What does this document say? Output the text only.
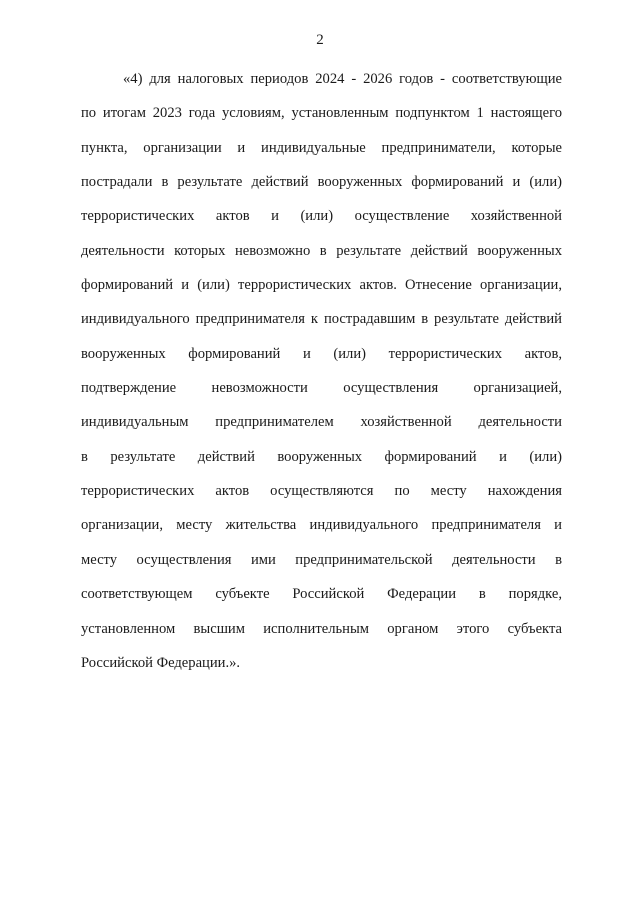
2
«4) для налоговых периодов 2024 - 2026 годов - соответствующие
по итогам 2023 года условиям, установленным подпунктом 1 настоящего
пункта, организации и индивидуальные предприниматели, которые
пострадали в результате действий вооруженных формирований и (или)
террористических актов и (или) осуществление хозяйственной
деятельности которых невозможно в результате действий вооруженных
формирований и (или) террористических актов. Отнесение организации,
индивидуального предпринимателя к пострадавшим в результате действий
вооруженных формирований и (или) террористических актов,
подтверждение невозможности осуществления организацией,
индивидуальным предпринимателем хозяйственной деятельности
в результате действий вооруженных формирований и (или)
террористических актов осуществляются по месту нахождения
организации, месту жительства индивидуального предпринимателя и
месту осуществления ими предпринимательской деятельности в
соответствующем субъекте Российской Федерации в порядке,
установленном высшим исполнительным органом этого субъекта
Российской Федерации.».
